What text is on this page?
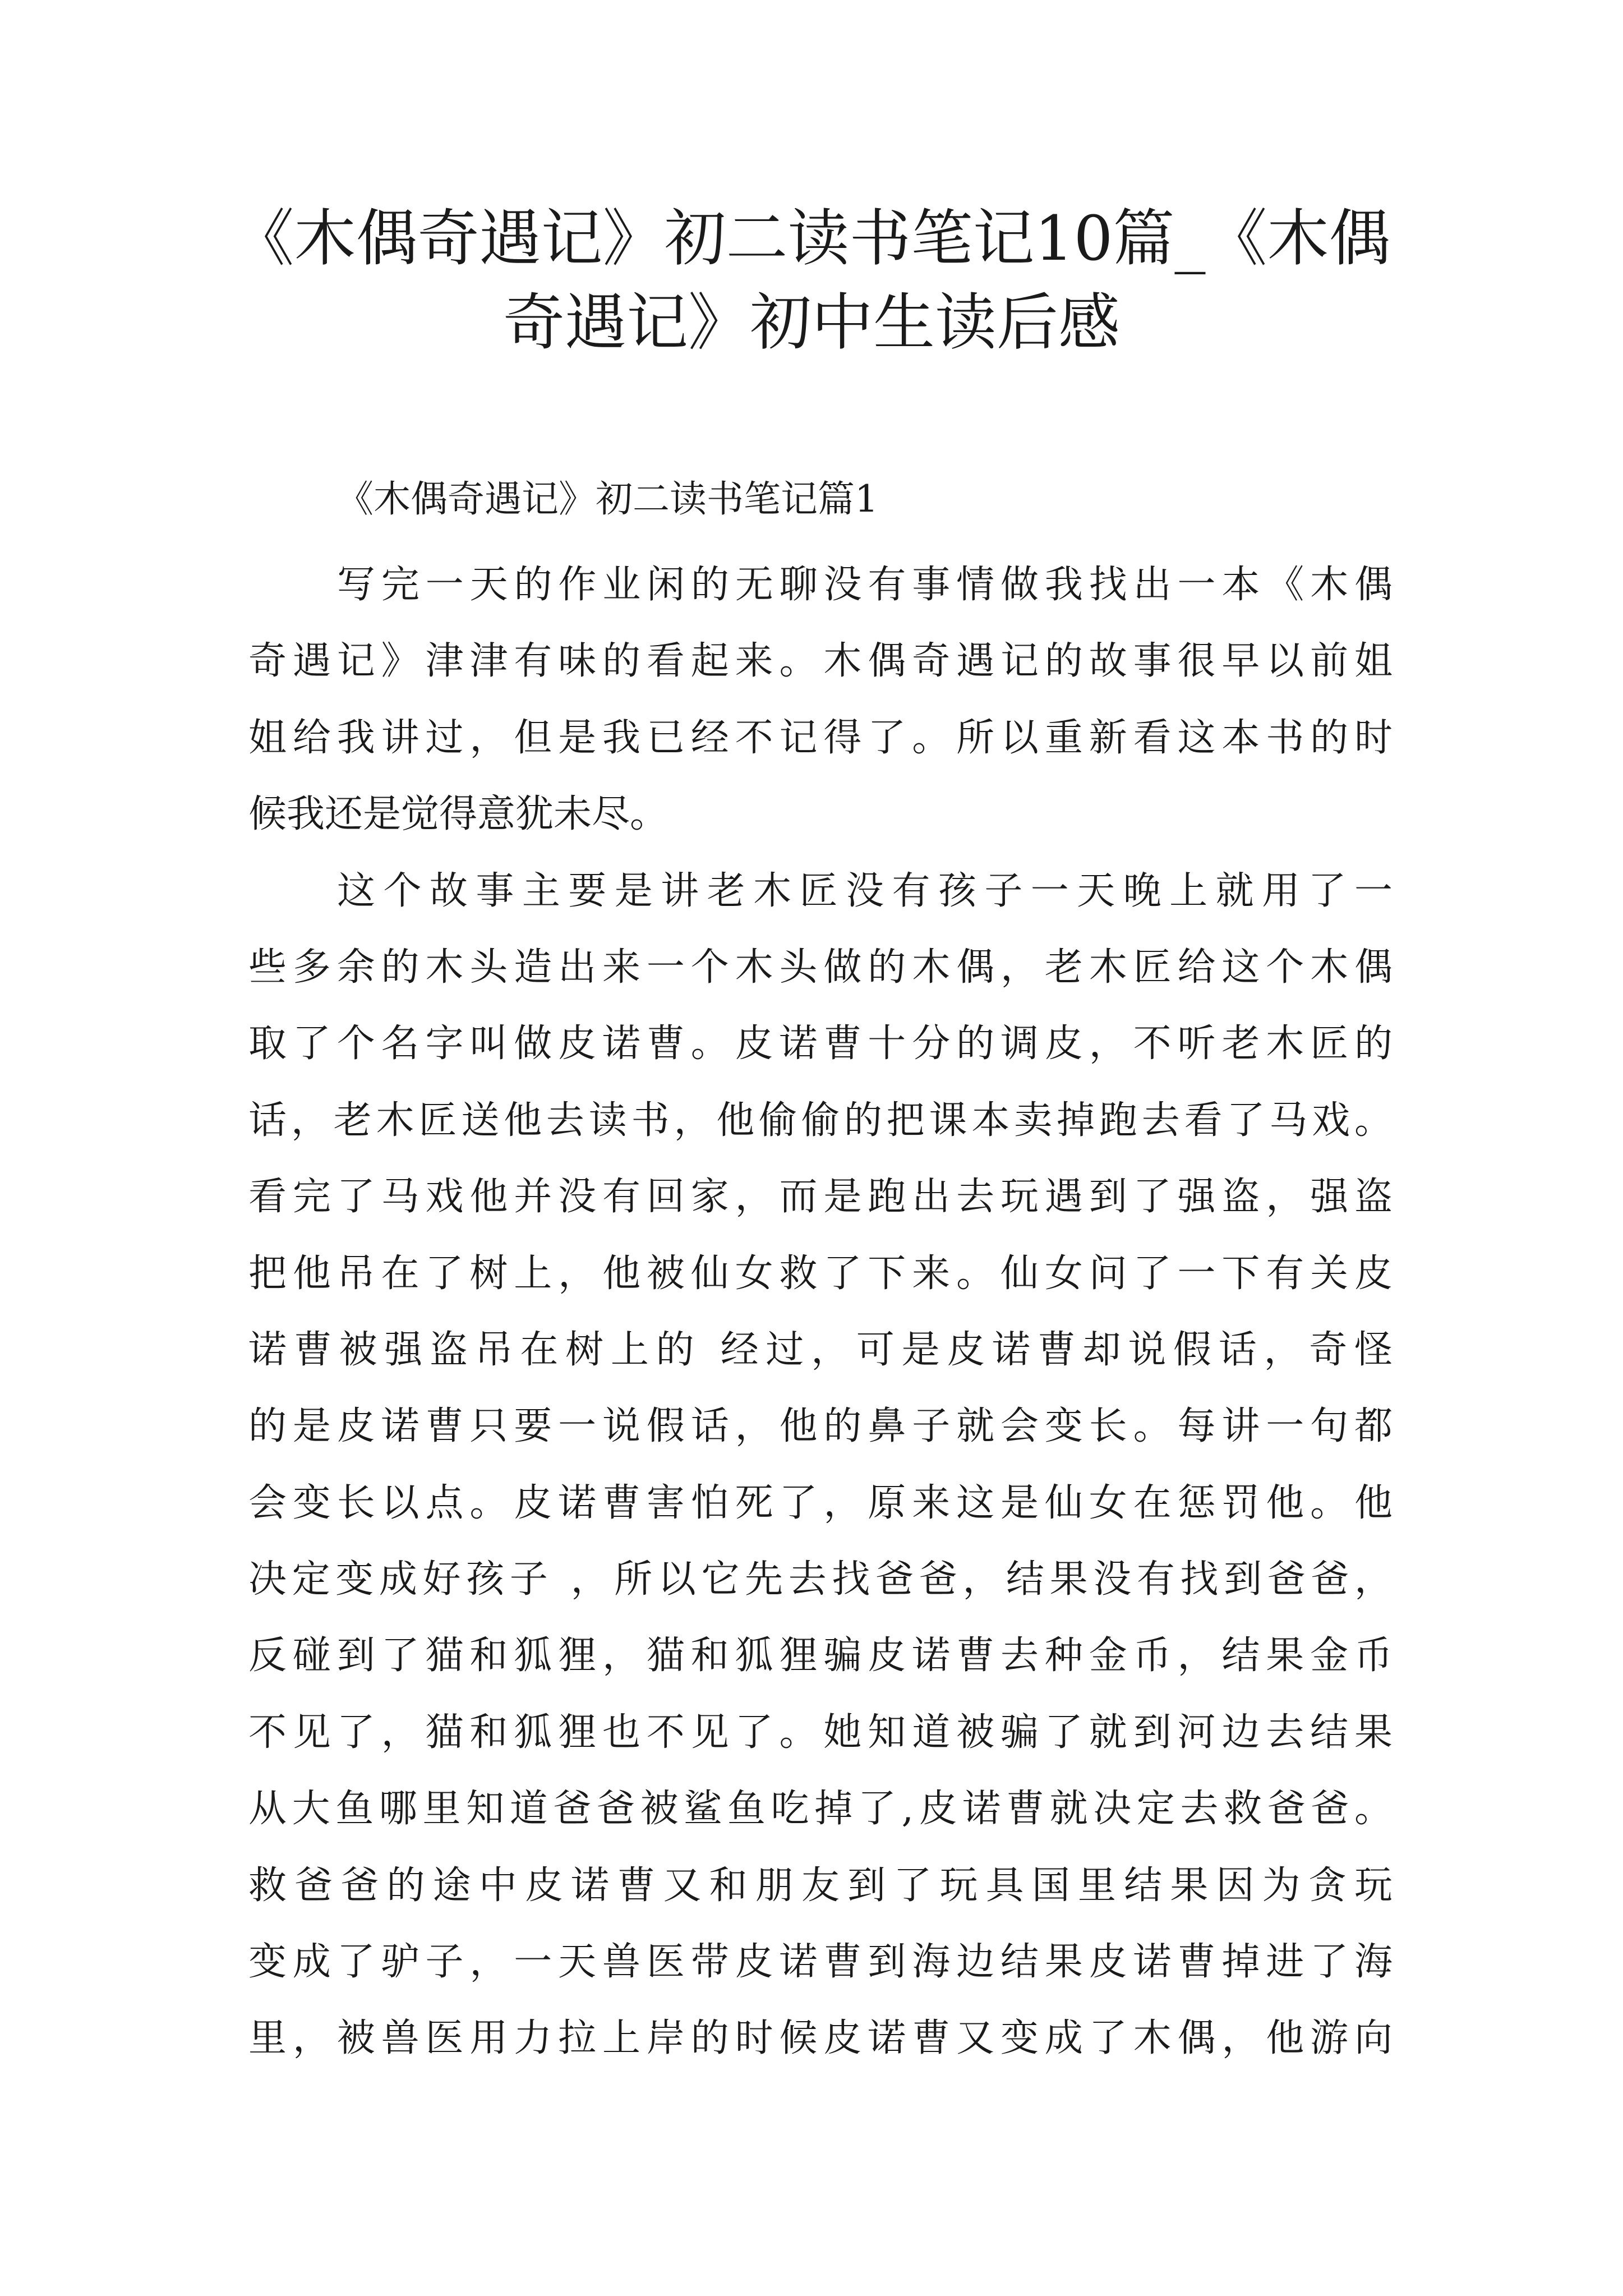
《木偶奇遇记》初二读书笔记10篇_《木偶
奇遇记》初中生读后感
《木偶奇遇记》初二读书笔记篇1
写完一天的作业闲的无聊没有事情做我找出一本《木偶
奇遇记》津津有味的看起来。木偶奇遇记的故事很早以前姐
姐给我讲过，但是我已经不记得了。所以重新看这本书的时
候我还是觉得意犹未尽。
这个故事主要是讲老木匠没有孩子一天晚上就用了一
些多余的木头造出来一个木头做的木偶，老木匠给这个木偶
取了个名字叫做皮诺曹。皮诺曹十分的调皮，不听老木匠的
话，老木匠送他去读书，他偷偷的把课本卖掉跑去看了马戏。
看完了马戏他并没有回家，而是跑出去玩遇到了强盗，强盗
把他吊在了树上，他被仙女救了下来。仙女问了一下有关皮
诺曹被强盗吊在树上的 经过，可是皮诺曹却说假话，奇怪
的是皮诺曹只要一说假话，他的鼻子就会变长。每讲一句都
会变长以点。皮诺曹害怕死了，原来这是仙女在惩罚他。他
决定变成好孩子 ，所以它先去找爸爸，结果没有找到爸爸，
反碰到了猫和狐狸，猫和狐狸骗皮诺曹去种金币，结果金币
不见了，猫和狐狸也不见了。她知道被骗了就到河边去结果
从大鱼哪里知道爸爸被鲨鱼吃掉了,皮诺曹就决定去救爸爸。
救爸爸的途中皮诺曹又和朋友到了玩具国里结果因为贪玩
变成了驴子，一天兽医带皮诺曹到海边结果皮诺曹掉进了海
里，被兽医用力拉上岸的时候皮诺曹又变成了木偶，他游向
